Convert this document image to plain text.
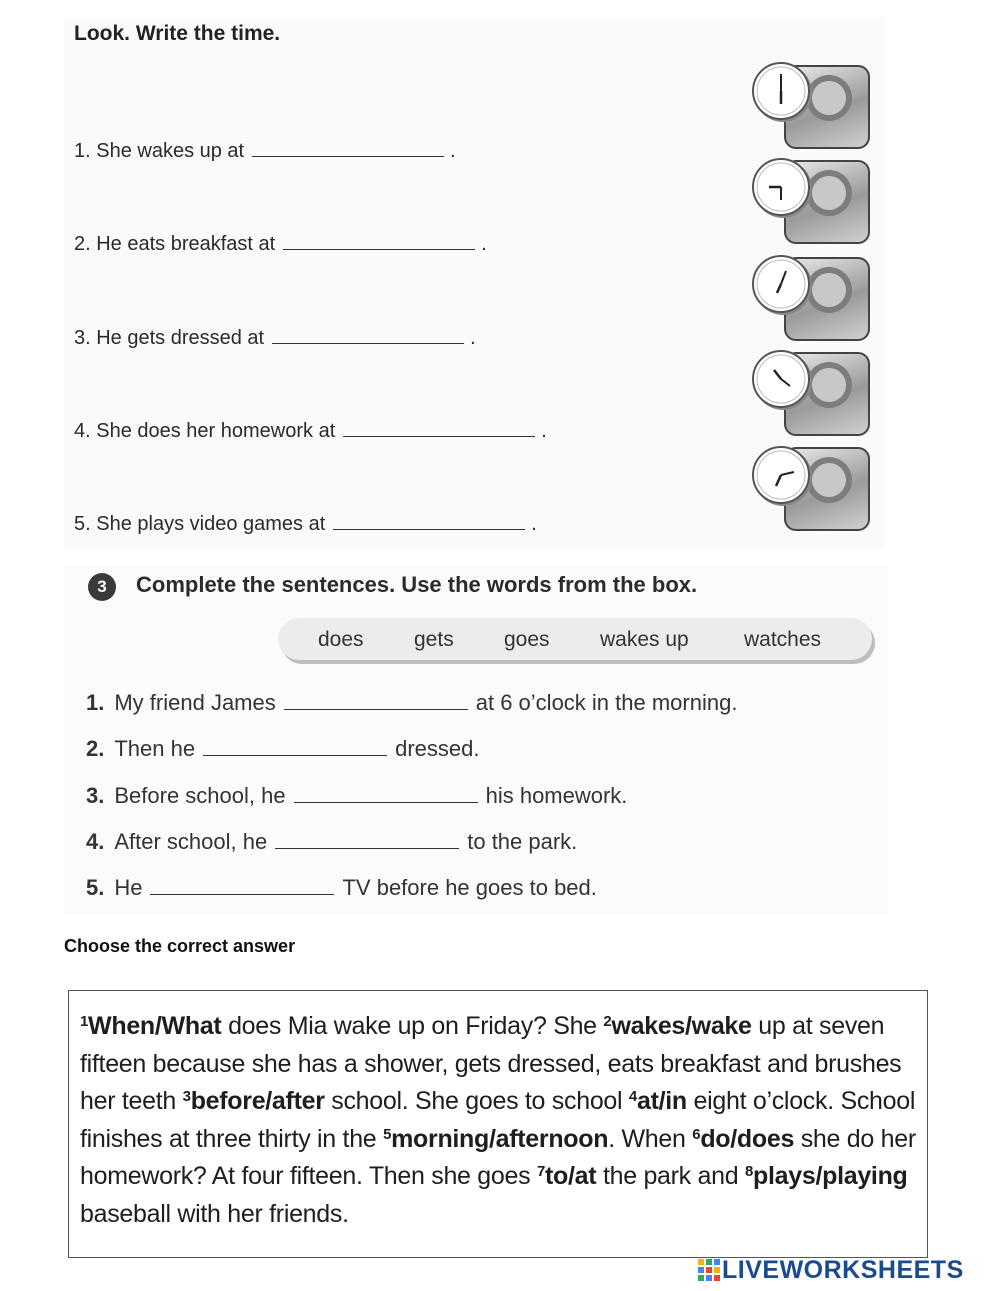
Look. Write the time.
1. She wakes up at	.
2. He eats breakfast at	.
3. He gets dressed at	.
4. She does her homework at	.
5. She plays video games at	.
3	Complete the sentences. Use the words from the box.
does gets goes wakes up	watches
1. My friend James	at 6 o’clock in the morning.
2. Then he	dressed.
3. Before school, he	his homework.
4. After school, he	to the park.
5. He	TV before he goes to bed.
Choose the correct answer
$^1$When/What does Mia wake up on Friday? She $^2$wakes/wake up at seven fifteen because she has a shower, gets dressed, eats breakfast and brushes her teeth $^3$before/after school. She goes to school $^4$at/in eight o’clock. School finishes at three thirty in the $^5$morning/afternoon. When $^6$do/does she do her homework? At four fifteen. Then she goes $^7$to/at the park and $^8$plays/playing baseball with her friends.
LIVEWORKSHEETS
